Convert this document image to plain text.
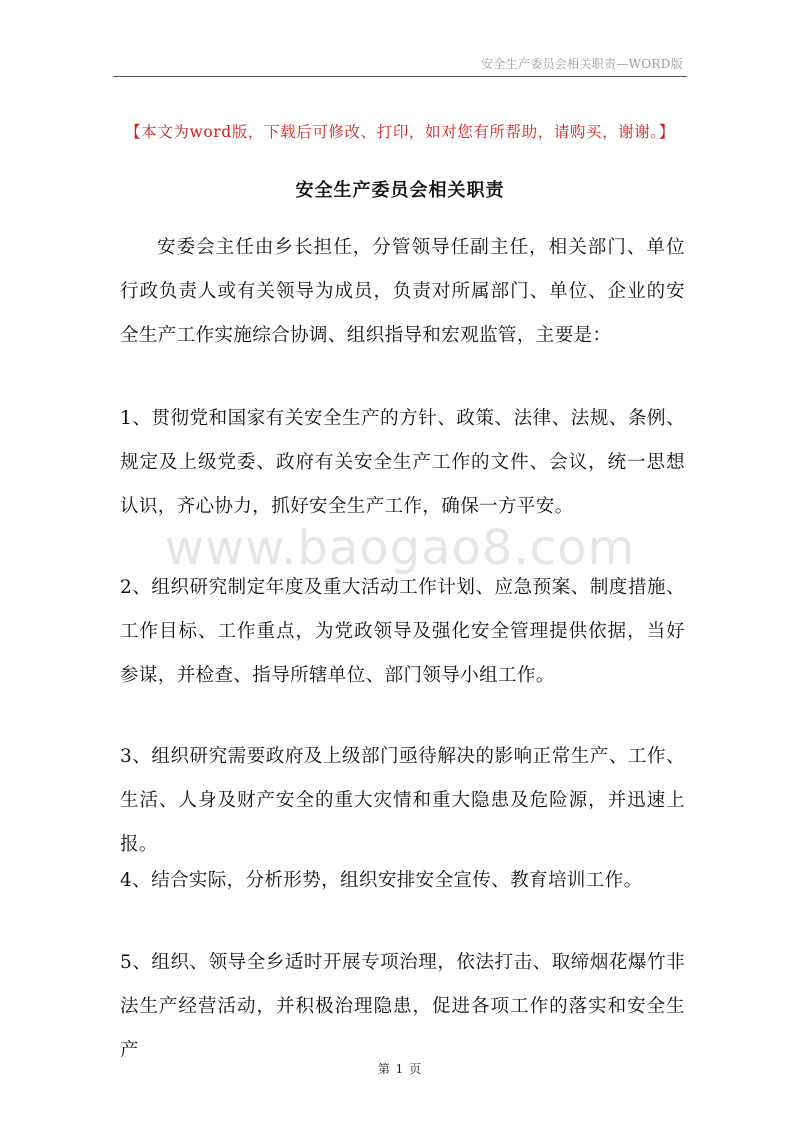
安全生产委员会相关职责—WORD版
【本文为word版，下载后可修改、打印，如对您有所帮助，请购买，谢谢。】
安全生产委员会相关职责

安委会主任由乡长担任，分管领导任副主任，相关部门、单位行政负责人或有关领导为成员，负责对所属部门、单位、企业的安全生产工作实施综合协调、组织指导和宏观监管，主要是：

www.baogao8.com

1、贯彻党和国家有关安全生产的方针、政策、法律、法规、条例、规定及上级党委、政府有关安全生产工作的文件、会议，统一思想认识，齐心协力，抓好安全生产工作，确保一方平安。

2、组织研究制定年度及重大活动工作计划、应急预案、制度措施、工作目标、工作重点，为党政领导及强化安全管理提供依据，当好参谋，并检查、指导所辖单位、部门领导小组工作。

3、组织研究需要政府及上级部门亟待解决的影响正常生产、工作、生活、人身及财产安全的重大灾情和重大隐患及危险源，并迅速上报。

4、结合实际，分析形势，组织安排安全宣传、教育培训工作。

5、组织、领导全乡适时开展专项治理，依法打击、取缔烟花爆竹非法生产经营活动，并积极治理隐患，促进各项工作的落实和安全生产

第 1 页
